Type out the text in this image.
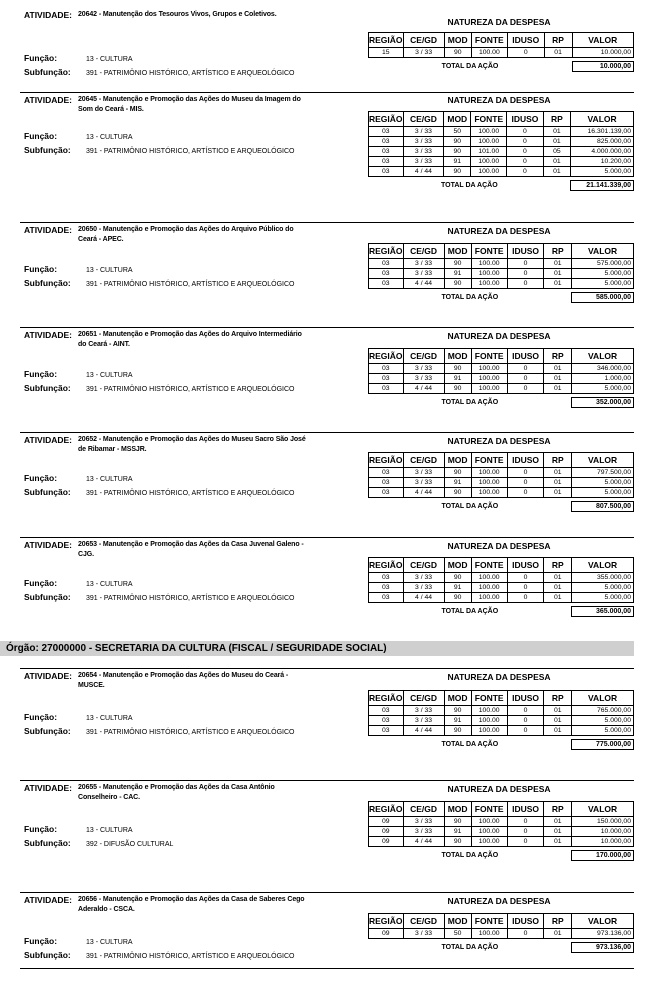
ATIVIDADE: 20642 - Manutenção dos Tesouros Vivos, Grupos e Coletivos.
Função:	13 - CULTURA
Subfunção: 391 - PATRIMÔNIO HISTÓRICO, ARTÍSTICO E ARQUEOLÓGICO
NATUREZA DA DESPESA
REGIÃO	CE/GD	MOD	FONTE	IDUSO	RP	VALOR
15	3 / 33	90	100.00	0	01	10.000,00

TOTAL DA AÇÃO						10.000,00
ATIVIDADE: 20645 - Manutenção e Promoção das Ações do Museu da Imagem do Som do Ceará - MIS.
Função:	13 - CULTURA
Subfunção: 391 - PATRIMÔNIO HISTÓRICO, ARTÍSTICO E ARQUEOLÓGICO
NATUREZA DA DESPESA
REGIÃO	CE/GD	MOD	FONTE	IDUSO	RP	VALOR
03	3 / 33	50	100.00	0	01	16.301.139,00
03	3 / 33	90	100.00	0	01	825.000,00
03	3 / 33	90	101.00	0	05	4.000.000,00
03	3 / 33	91	100.00	0	01	10.200,00
03	4 / 44	90	100.00	0	01	5.000,00

TOTAL DA AÇÃO						21.141.339,00
ATIVIDADE: 20650 - Manutenção e Promoção das Ações do Arquivo Público do Ceará - APEC.
Função:	13 - CULTURA
Subfunção: 391 - PATRIMÔNIO HISTÓRICO, ARTÍSTICO E ARQUEOLÓGICO
NATUREZA DA DESPESA
REGIÃO	CE/GD	MOD	FONTE	IDUSO	RP	VALOR
03	3 / 33	90	100.00	0	01	575.000,00
03	3 / 33	91	100.00	0	01	5.000,00
03	4 / 44	90	100.00	0	01	5.000,00

TOTAL DA AÇÃO						585.000,00
ATIVIDADE: 20651 - Manutenção e Promoção das Ações do Arquivo Intermediário do Ceará - AINT.
Função:	13 - CULTURA
Subfunção: 391 - PATRIMÔNIO HISTÓRICO, ARTÍSTICO E ARQUEOLÓGICO
NATUREZA DA DESPESA
REGIÃO	CE/GD	MOD	FONTE	IDUSO	RP	VALOR
03	3 / 33	90	100.00	0	01	346.000,00
03	3 / 33	91	100.00	0	01	1.000,00
03	4 / 44	90	100.00	0	01	5.000,00

TOTAL DA AÇÃO						352.000,00
ATIVIDADE: 20652 - Manutenção e Promoção das Ações do Museu Sacro São José de Ribamar - MSSJR.
Função:	13 - CULTURA
Subfunção: 391 - PATRIMÔNIO HISTÓRICO, ARTÍSTICO E ARQUEOLÓGICO
NATUREZA DA DESPESA
REGIÃO	CE/GD	MOD	FONTE	IDUSO	RP	VALOR
03	3 / 33	90	100.00	0	01	797.500,00
03	3 / 33	91	100.00	0	01	5.000,00
03	4 / 44	90	100.00	0	01	5.000,00

TOTAL DA AÇÃO						807.500,00
ATIVIDADE: 20653 - Manutenção e Promoção das Ações da Casa Juvenal Galeno - CJG.
Função:	13 - CULTURA
Subfunção: 391 - PATRIMÔNIO HISTÓRICO, ARTÍSTICO E ARQUEOLÓGICO
NATUREZA DA DESPESA
REGIÃO	CE/GD	MOD	FONTE	IDUSO	RP	VALOR
03	3 / 33	90	100.00	0	01	355.000,00
03	3 / 33	91	100.00	0	01	5.000,00
03	4 / 44	90	100.00	0	01	5.000,00

TOTAL DA AÇÃO						365.000,00
ATIVIDADE: 20654 - Manutenção e Promoção das Ações do Museu do Ceará - MUSCE.
Função:	13 - CULTURA
Subfunção: 391 - PATRIMÔNIO HISTÓRICO, ARTÍSTICO E ARQUEOLÓGICO
NATUREZA DA DESPESA
REGIÃO	CE/GD	MOD	FONTE	IDUSO	RP	VALOR
03	3 / 33	90	100.00	0	01	765.000,00
03	3 / 33	91	100.00	0	01	5.000,00
03	4 / 44	90	100.00	0	01	5.000,00

TOTAL DA AÇÃO						775.000,00
ATIVIDADE: 20655 - Manutenção e Promoção das Ações da Casa Antônio Conselheiro - CAC.
Função:	13 - CULTURA
Subfunção: 392 - DIFUSÃO CULTURAL
NATUREZA DA DESPESA
REGIÃO	CE/GD	MOD	FONTE	IDUSO	RP	VALOR
09	3 / 33	90	100.00	0	01	150.000,00
09	3 / 33	91	100.00	0	01	10.000,00
09	4 / 44	90	100.00	0	01	10.000,00

TOTAL DA AÇÃO						170.000,00
ATIVIDADE: 20656 - Manutenção e Promoção das Ações da Casa de Saberes Cego Aderaldo - CSCA.
Função:	13 - CULTURA
Subfunção: 391 - PATRIMÔNIO HISTÓRICO, ARTÍSTICO E ARQUEOLÓGICO
NATUREZA DA DESPESA
REGIÃO	CE/GD	MOD	FONTE	IDUSO	RP	VALOR
09	3 / 33	50	100.00	0	01	973.136,00

TOTAL DA AÇÃO						973.136,00
Órgão: 27000000 - SECRETARIA DA CULTURA (FISCAL / SEGURIDADE SOCIAL)
